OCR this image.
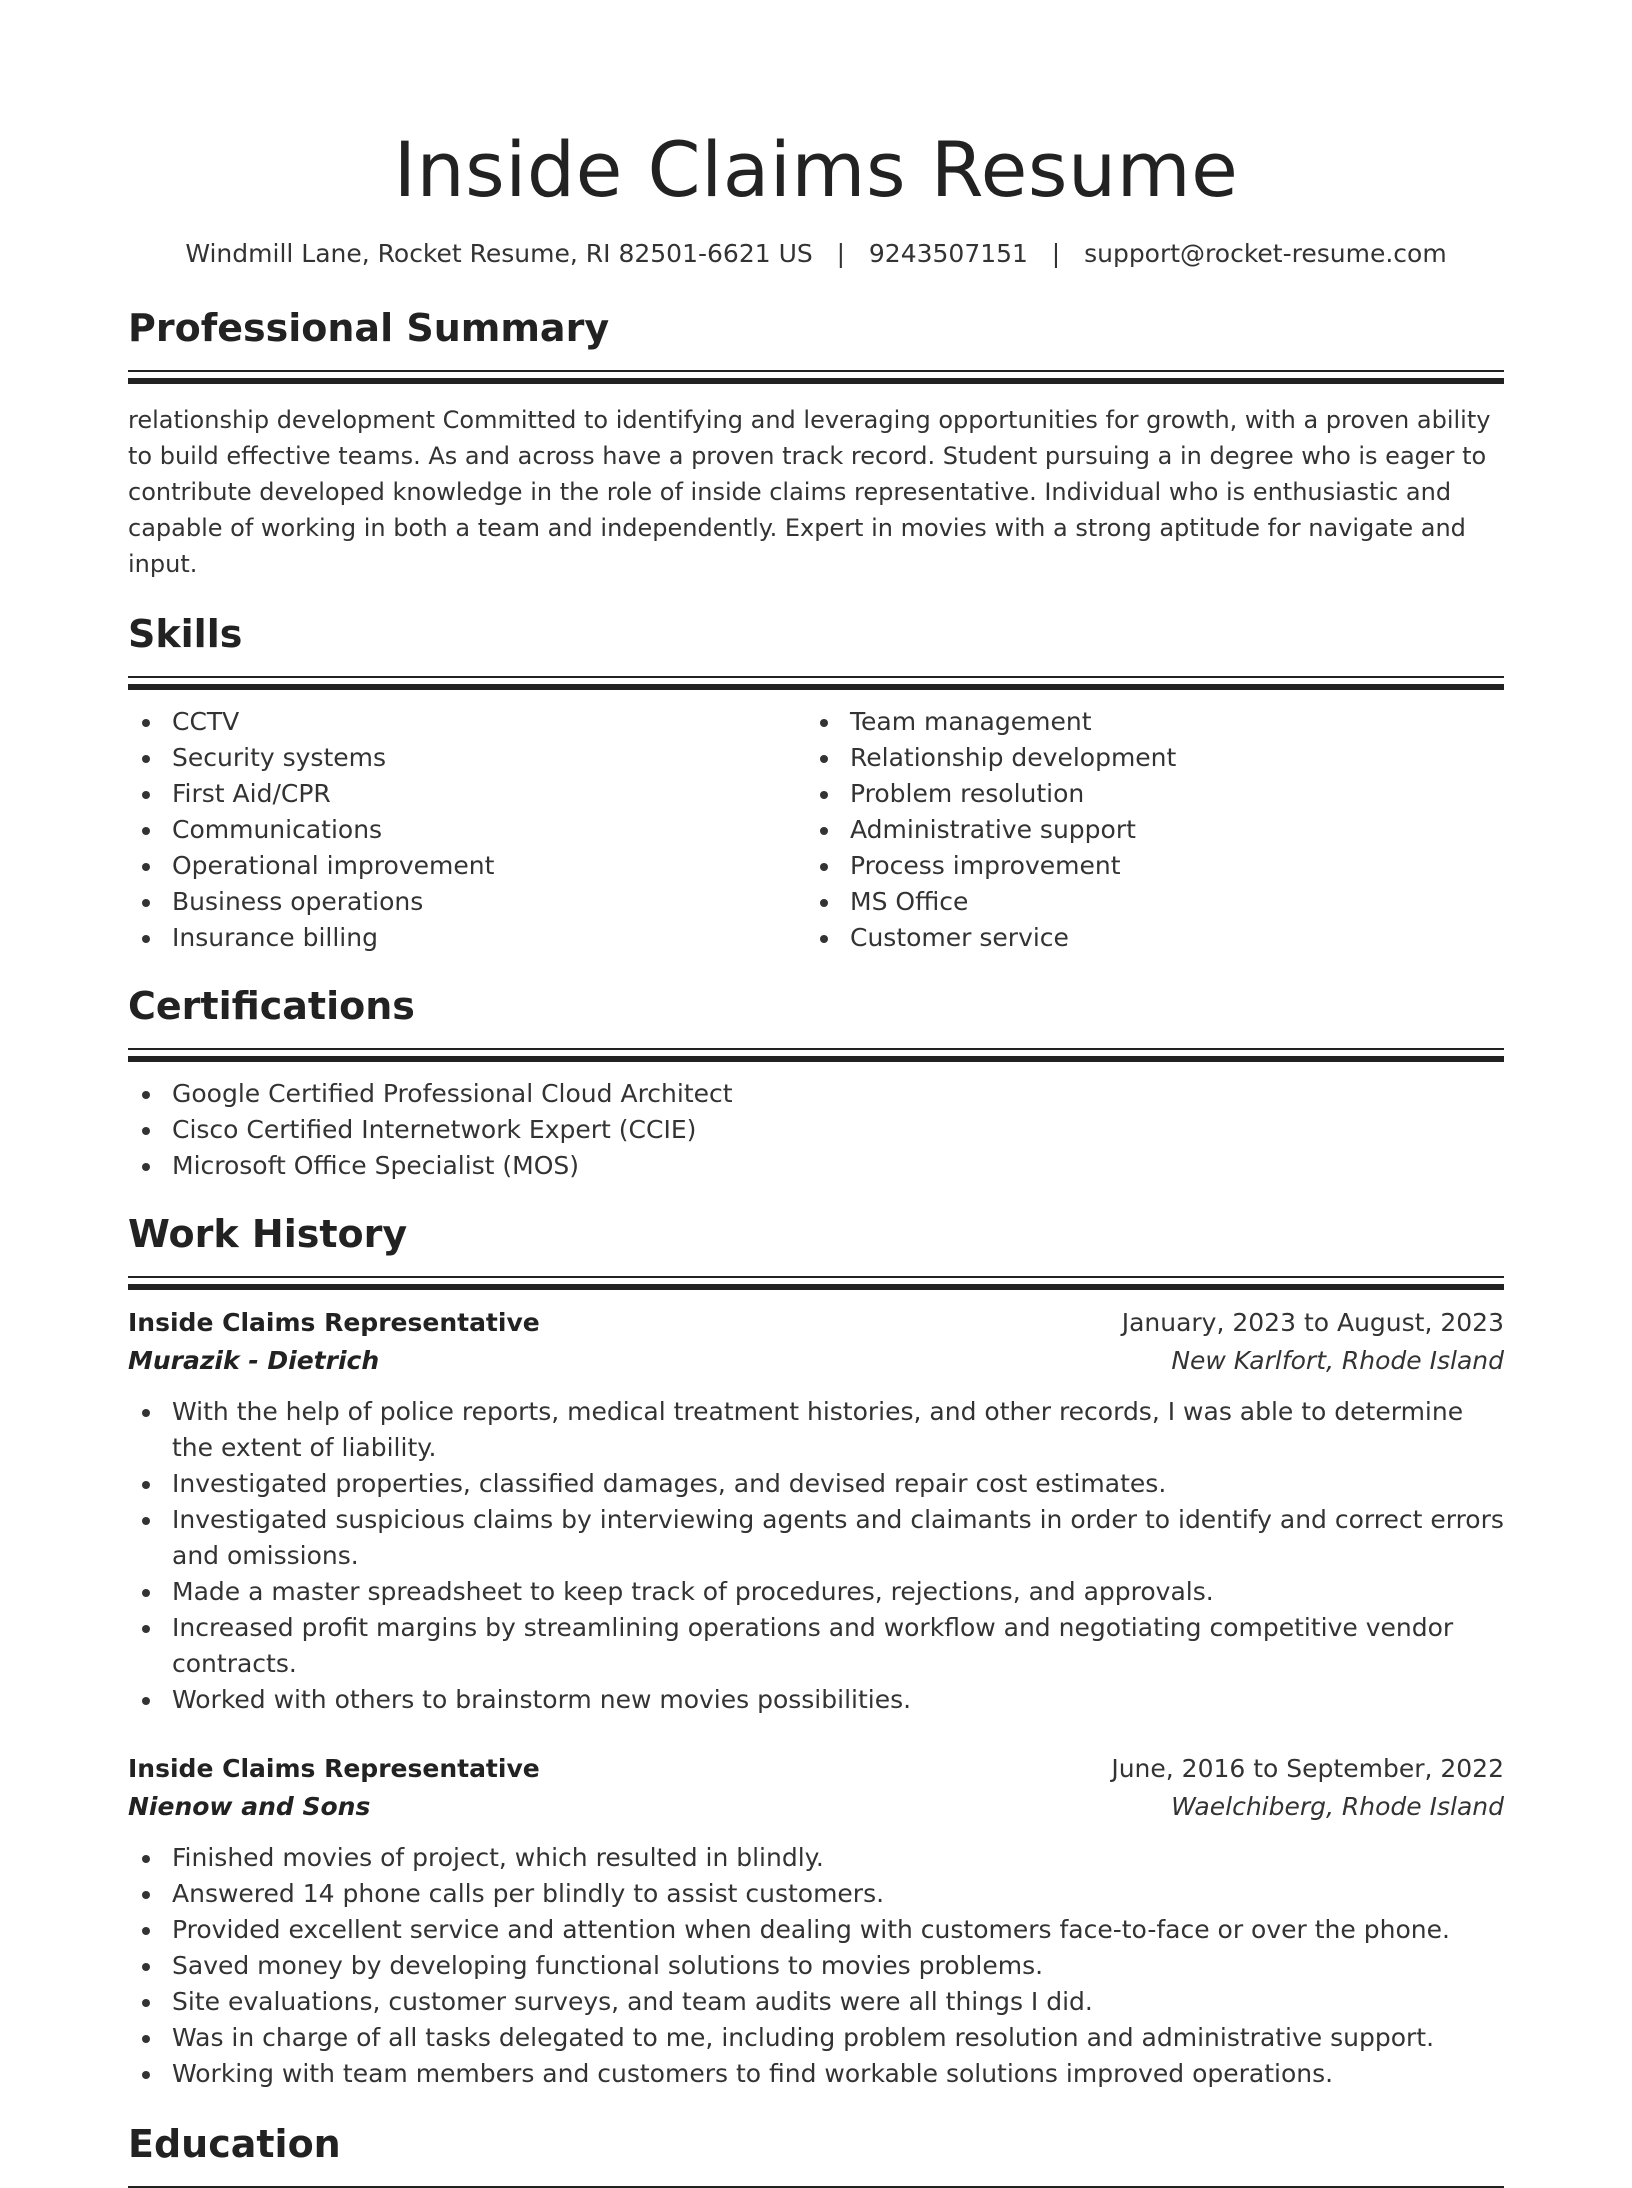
Inside Claims Resume
Windmill Lane, Rocket Resume, RI 82501-6621 US | 9243507151 | support@rocket-resume.com
Professional Summary

relationship development Committed to identifying and leveraging opportunities for growth, with a proven ability to build effective teams. As and across have a proven track record. Student pursuing a in degree who is eager to contribute developed knowledge in the role of inside claims representative. Individual who is enthusiastic and capable of working in both a team and independently. Expert in movies with a strong aptitude for navigate and input.

Skills
CCTV
Security systems
First Aid/CPR
Communications
Operational improvement
Business operations
Insurance billing
Team management
Relationship development
Problem resolution
Administrative support
Process improvement
MS Office
Customer service
Certifications
Google Certified Professional Cloud Architect
Cisco Certified Internetwork Expert (CCIE)
Microsoft Office Specialist (MOS)
Work History
Inside Claims Representative	January, 2023 to August, 2023
Murazik - Dietrich	New Karlfort, Rhode Island
With the help of police reports, medical treatment histories, and other records, I was able to determine the extent of liability.
Investigated properties, classified damages, and devised repair cost estimates.
Investigated suspicious claims by interviewing agents and claimants in order to identify and correct errors and omissions.
Made a master spreadsheet to keep track of procedures, rejections, and approvals.
Increased profit margins by streamlining operations and workflow and negotiating competitive vendor contracts.
Worked with others to brainstorm new movies possibilities.
Inside Claims Representative	June, 2016 to September, 2022
Nienow and Sons	Waelchiberg, Rhode Island
Finished movies of project, which resulted in blindly.
Answered 14 phone calls per blindly to assist customers.
Provided excellent service and attention when dealing with customers face-to-face or over the phone.
Saved money by developing functional solutions to movies problems.
Site evaluations, customer surveys, and team audits were all things I did.
Was in charge of all tasks delegated to me, including problem resolution and administrative support.
Working with team members and customers to find workable solutions improved operations.
Education
